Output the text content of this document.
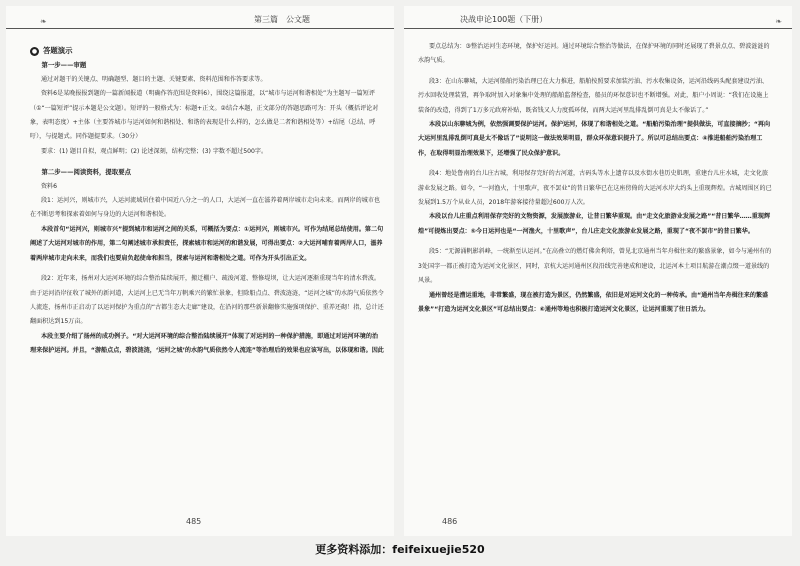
❧	第三篇　公文题

● 答题演示

第一步——审题

通过对题干的关键点、明确题型、题目的主题、关键要素、资料范围和作答要求等。

资料6是某晚报报到题的一篇新闻报道（明确作答范围是资料6），围绕这篇报道，以“城市与运河和谐相处”为主题写一篇短评（①“一篇短评”提示本题是公文题）。短评的一般格式为：标题+正文。②结合本题，正文部分的答题思路可为：开头（概括评论对象，表明态度）+主体（主要答城市与运河如何和谐相处、和谐的表现是什么样的，怎么做是二者和谐相处等）+结尾（总结、呼吁），与提题式。同作题提要求。（30分）

要求：(1) 题目自拟，观点鲜明；(2) 论述深刻，结构完整；(3) 字数不超过500字。

第二步——阅读资料，提取要点

资料6

段1：运河兴，则城市兴，人运河流域居住着中国近八分之一的人口，大运河一直在滋养着两岸城市走向未来。而两岸的城市也在不断思考和探索着如何与身边的大运河和谐相处。

本段首句“运河兴，则城市兴”提到城市和运河之间的关系，可概括为要点：①运河兴，则城市兴。可作为结尾总结使用。第二句阐述了大运河对城市的作用，第二句阐述城市承担责任，探索城市和运河的和谐发展，可得出要点：②大运河哺育着两岸人口，滋养着两岸城市走向未来，而我们也要肩负起使命和担当，探索与运河和谐相处之道。可作为开头引出正文。

段2：近年来，扬州对大运河环境的综合整治陆续展开，搬迁棚户、疏浚河道、整修堤坝，让大运河逐渐重现当年的清水碧波。由于运河沿岸征收了城外的新河道，大运河上已无当年万帆乘兴的繁忙景象，但除船点点、碧波涟涟，“运河之城”的水韵气质依然令人流连，扬州市正启动了以运河保护为重点的“古都生态大走廊”建设，在沿河的那些新景翻修实施强项保护、重养还砌！指，总计还翻面积达到15万亩。

本段主要介绍了扬州的成功例子。“对大运河环境的综合整治陆续展开”体现了对运河的一种保护措施，即通过对运河环境的治理来保护运河。并且，“游船点点，碧波涟涟，‘运河之城’的水韵气质依然令人流连”等治理后的效果也应该写出，以体现和谐。因此

485
决战申论100题（下册）	❧

要点总结为：③整治运河生态环境，保护好运河。通过环境综合整治等做法，在保护环境的同时还展现了碧景点点、碧波涟涟的水韵气质。

段3：在山东聊城，大运河船舶污染治理已在大力推进，船舶按照要求加装污油、污水收集设备，运河沿线码头配套建设污油、污水回收处理装置，再争取时加入对象集中处理的船舶监督检查，船员的环保意识也不断增强。对此，船户小周说：“我们在设施上装备的改造，得到了1万多元政府补贴，既省钱又人力度孤环保，而两大运河里乱排乱倒可真是太不像话了。”

本段以山东聊城为例，依然强调要保护运河。保护运河，体现了和谐相处之道。“船舶污染治理”提供做法，可直接摘抄；“再向大运河里乱排乱倒可真是太不像话了”说明这一做法效果明显，群众环保意识提升了。所以可总结出要点：④推进船舶污染治理工作，在取得明显治理效果下，还增强了民众保护意识。

段4：地处鲁南的台儿庄古城，利用保存完好的古河道，古码头等水上遗存以及水街水巷历史肌理，重建台儿庄水城，走文化旅游业发展之路。如今，“一河渔火，十里歌声，夜不罢业”的昔日繁华已在这座傍倚的大运河水岸大约头上重现辉煌。古城周围区的已发展到1.5万个从业人员，2018年游客接待量超过600万人次。

本段以台儿庄重点利用保存完好的文物资源，发展旅游业，让昔日繁华重现。由“走文化旅游业发展之路”“昔日繁华……重现辉煌”可提炼出要点：⑤今日运河也是“一河渔火，十里歌声”，台儿庄走文化旅游业发展之路，重现了“夜不罢市”的昔日繁华。

段5：“无源涌帆影斜峰，一统渐至认运河。”在高叠立的燃灯佛舍利塔，曾见北京通州当年舟楫往来的繁盛景象，如今与通州有的3处国字一都正被打造为运河文化景区，同时，京杭大运河通州区段沿线完善建成和建设，北运河本土项目航游在潮点缀一道景线的风景。

通州曾经是漕运重地，非常繁盛，现在被打造为景区，仍然繁盛，依旧是对运河文化的一种传承。由“通州当年舟楫往来的繁盛景象”“打造为运河文化景区”可总结出要点：⑥通州等地也积极打造运河文化景区，让运河重现了往日活力。

486
更多资料添加：feifeixuejie520
